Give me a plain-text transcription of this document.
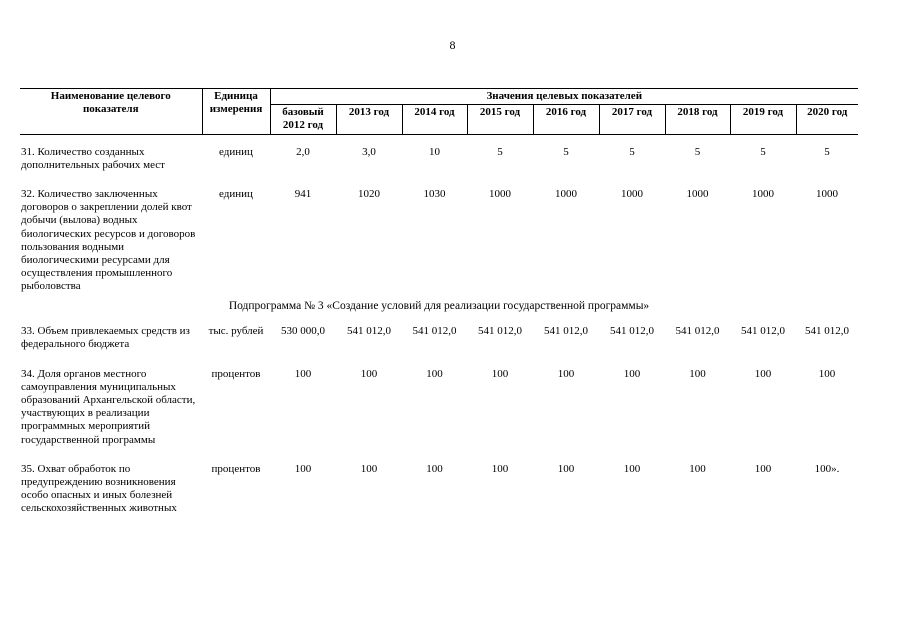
8
Наименование целевого показателя	Единица измерения	Значения целевых показателей								
		базовый 2012 год	2013 год	2014 год	2015 год	2016 год	2017 год	2018 год	2019 год	2020 год

31. Количество созданных дополнительных рабочих мест	единиц	2,0	3,0	10	5	5	5	5	5	5

32. Количество заключенных договоров о закреплении долей квот добычи (вылова) водных биологических ресурсов и договоров пользования водными биологическими ресурсами для осуществления промышленного рыболовства	единиц	941	1020	1030	1000	1000	1000	1000	1000	1000
Подпрограмма № 3 «Создание условий для реализации государственной программы»										
33. Объем привлекаемых средств из федерального бюджета	тыс. рублей	530 000,0	541 012,0	541 012,0	541 012,0	541 012,0	541 012,0	541 012,0	541 012,0	541 012,0

34. Доля органов местного самоуправления муниципальных образований Архангельской области, участвующих в реализации программных мероприятий государственной программы	процентов	100	100	100	100	100	100	100	100	100

35. Охват обработок по предупреждению возникновения особо опасных и иных болезней сельскохозяйственных животных	процентов	100	100	100	100	100	100	100	100	100».
